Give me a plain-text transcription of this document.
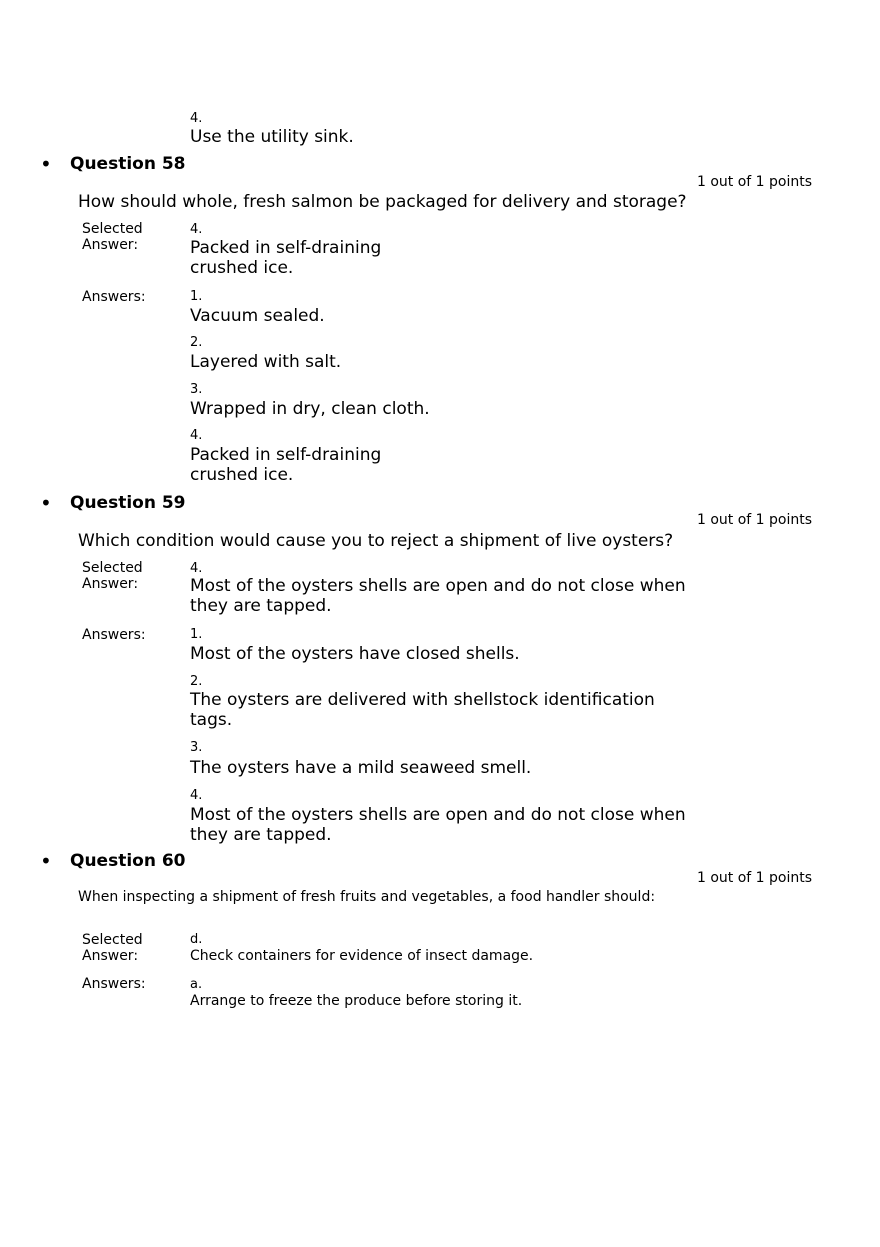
4.
Use the utility sink.
• Question 58
1 out of 1 points
How should whole, fresh salmon be packaged for delivery and storage?
Selected
Answer:
4.
Packed in self-draining
crushed ice.
Answers:	1.
Vacuum sealed.
2.
Layered with salt.
3.
Wrapped in dry, clean cloth.
4.
Packed in self-draining
crushed ice.
• Question 59
1 out of 1 points
Which condition would cause you to reject a shipment of live oysters?
Selected
Answer:
4.
Most of the oysters shells are open and do not close when
they are tapped.
Answers:	1.
Most of the oysters have closed shells.
2.
The oysters are delivered with shellstock identification
tags.
3.
The oysters have a mild seaweed smell.
4.
Most of the oysters shells are open and do not close when
they are tapped.
• Question 60
1 out of 1 points
When inspecting a shipment of fresh fruits and vegetables, a food handler should:
Selected
Answer:
d.
Check containers for evidence of insect damage.
Answers:	a.
Arrange to freeze the produce before storing it.
